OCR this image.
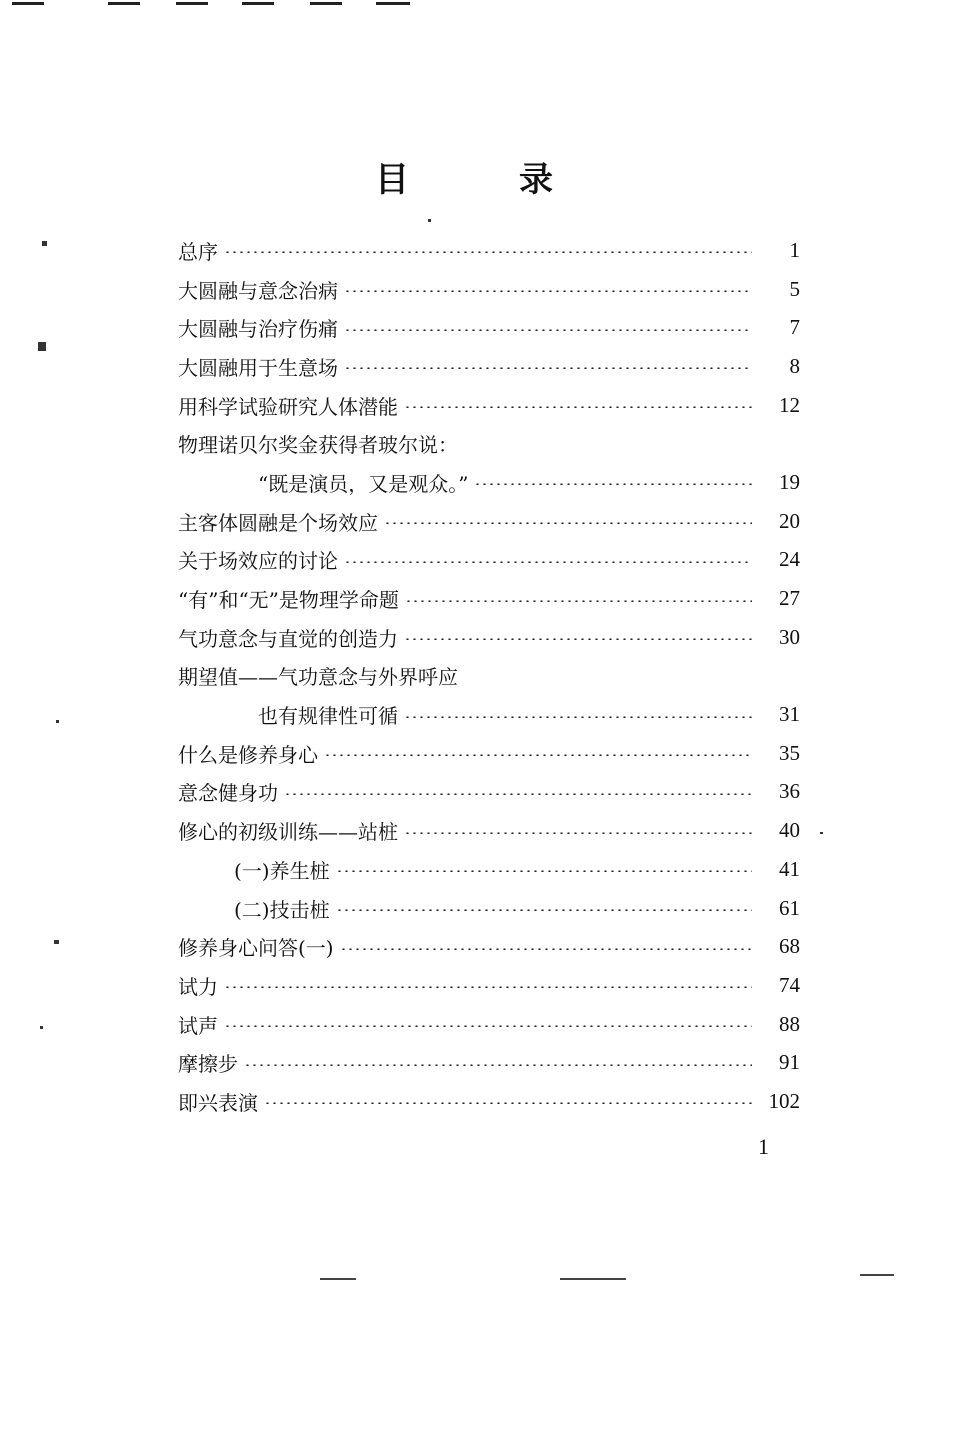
目　录
总序	1
大圆融与意念治病	5
大圆融与治疗伤痛	7
大圆融用于生意场	8
用科学试验研究人体潜能	12
物理诺贝尔奖金获得者玻尔说：
“既是演员，又是观众。”	19
主客体圆融是个场效应	20
关于场效应的讨论	24
“有”和“无”是物理学命题	27
气功意念与直觉的创造力	30
期望值——气功意念与外界呼应
也有规律性可循	31
什么是修养身心	35
意念健身功	36
修心的初级训练——站桩	40
(一)养生桩	41
(二)技击桩	61
修养身心问答(一)	68
试力	74
试声	88
摩擦步	91
即兴表演	102
1
